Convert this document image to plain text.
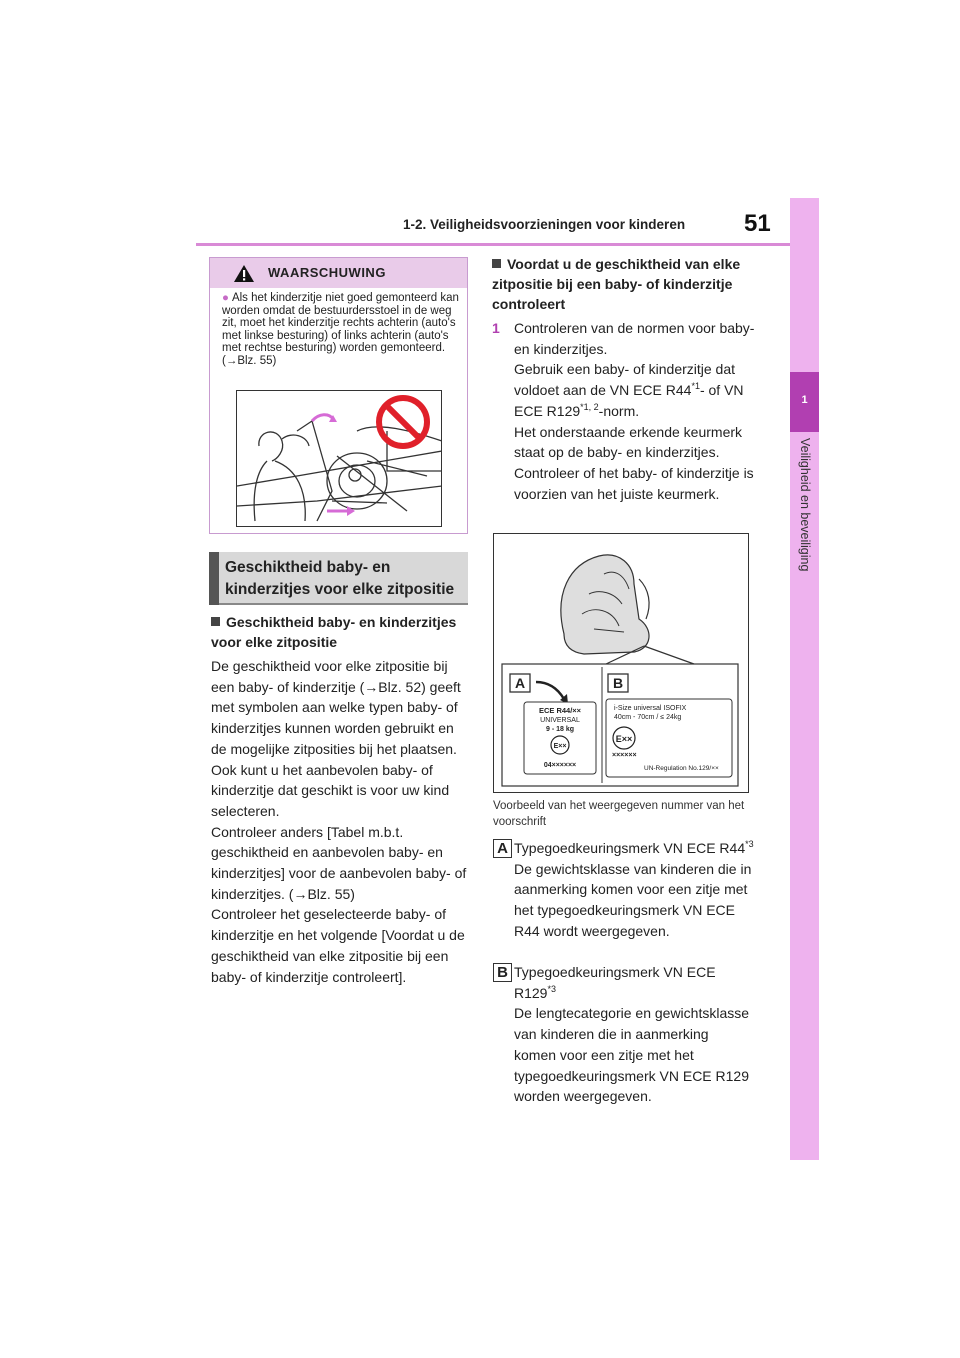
1-2. Veiligheidsvoorzieningen voor kinderen 51
1
Veiligheid en beveiliging
WAARSCHUWING
● Als het kinderzitje niet goed gemonteerd kan worden omdat de bestuurdersstoel in de weg zit, moet het kinderzitje rechts achterin (auto's met linkse besturing) of links achterin (auto's met rechtse besturing) worden gemonteerd. (→Blz. 55)
Geschiktheid baby- en kinderzitjes voor elke zitpositie
Geschiktheid baby- en kinderzitjes voor elke zitpositie
De geschiktheid voor elke zitpositie bij een baby- of kinderzitje (→Blz. 52) geeft met symbolen aan welke typen baby- of kinderzitjes kunnen worden gebruikt en de mogelijke zitposities bij het plaatsen.
Ook kunt u het aanbevolen baby- of kinderzitje dat geschikt is voor uw kind selecteren.
Controleer anders [Tabel m.b.t. geschiktheid en aanbevolen baby- en kinderzitjes] voor de aanbevolen baby- of kinderzitjes. (→Blz. 55)
Controleer het geselecteerde baby- of kinderzitje en het volgende [Voordat u de geschiktheid van elke zitpositie bij een baby- of kinderzitje controleert].
Voordat u de geschiktheid van elke zitpositie bij een baby- of kinderzitje controleert
1 Controleren van de normen voor baby- en kinderzitjes.
Gebruik een baby- of kinderzitje dat voldoet aan de VN ECE R44$^{*1}$- of VN ECE R129$^{*1, 2}$-norm.
Het onderstaande erkende keurmerk staat op de baby- en kinderzitjes. Controleer of het baby- of kinderzitje is voorzien van het juiste keurmerk.
A	B
ECE R44/××
UNIVERSAL
9 - 18 kg
E××
04××××××
i-Size universal ISOFIX
40cm - 70cm / ≤ 24kg
E××
××××××
UN-Regulation No.129/××
Voorbeeld van het weergegeven nummer van het voorschrift
A Typegoedkeuringsmerk VN ECE R44$^{*3}$
De gewichtsklasse van kinderen die in aanmerking komen voor een zitje met het typegoedkeuringsmerk VN ECE R44 wordt weergegeven.
B Typegoedkeuringsmerk VN ECE R129$^{*3}$
De lengtecategorie en gewichtsklasse van kinderen die in aanmerking komen voor een zitje met het typegoedkeuringsmerk VN ECE R129 worden weergegeven.
